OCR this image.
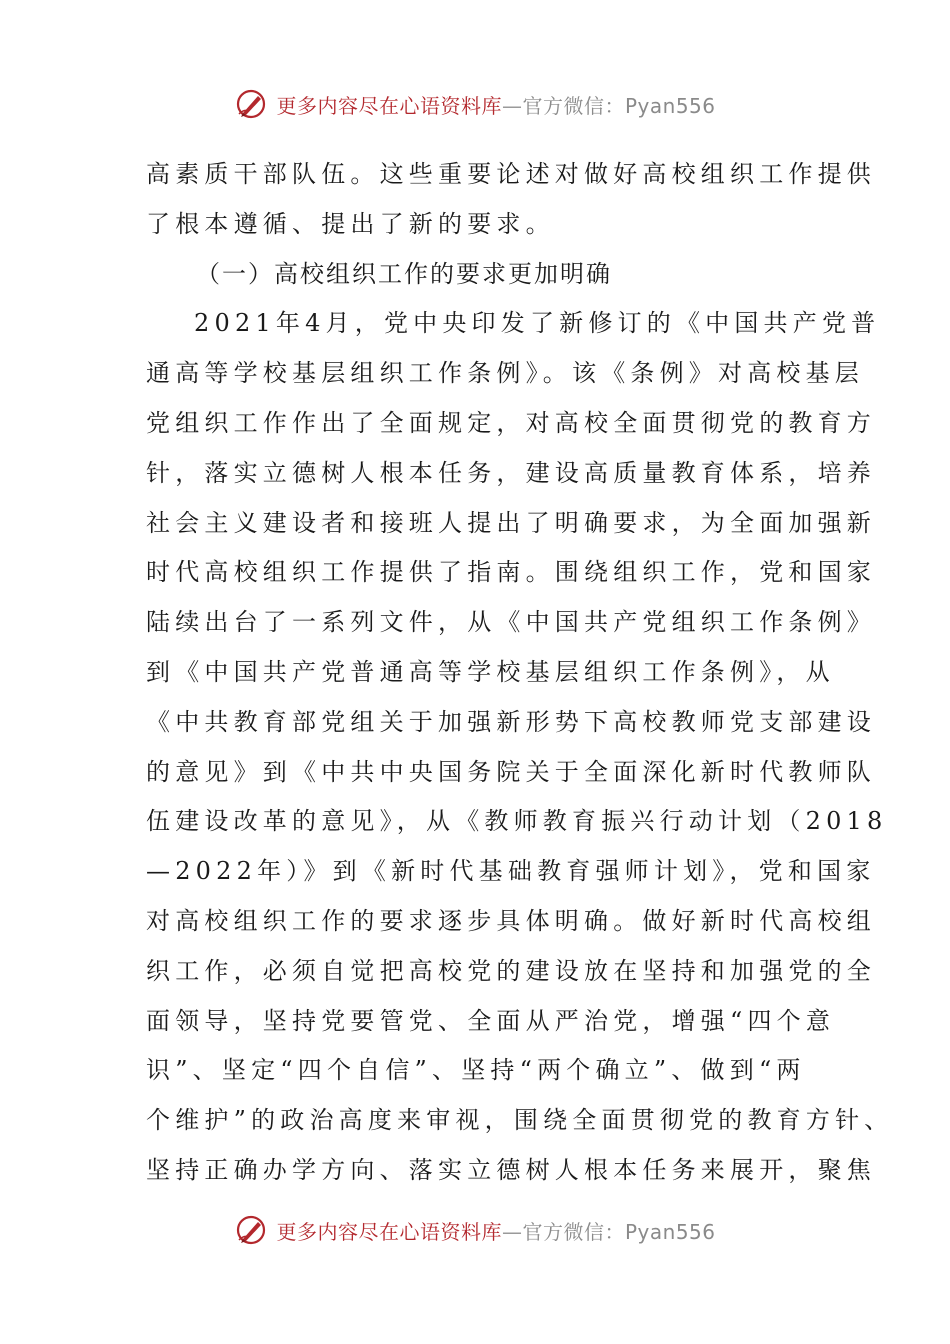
更多内容尽在心语资料库—官方微信：Pyan556
高素质干部队伍。这些重要论述对做好高校组织工作提供
了根本遵循、提出了新的要求。
（一）高校组织工作的要求更加明确
2021年4月，党中央印发了新修订的《中国共产党普
通高等学校基层组织工作条例》。该《条例》对高校基层
党组织工作作出了全面规定，对高校全面贯彻党的教育方
针，落实立德树人根本任务，建设高质量教育体系，培养
社会主义建设者和接班人提出了明确要求，为全面加强新
时代高校组织工作提供了指南。围绕组织工作，党和国家
陆续出台了一系列文件，从《中国共产党组织工作条例》
到《中国共产党普通高等学校基层组织工作条例》，从
《中共教育部党组关于加强新形势下高校教师党支部建设
的意见》到《中共中央国务院关于全面深化新时代教师队
伍建设改革的意见》，从《教师教育振兴行动计划（2018
—2022年）》到《新时代基础教育强师计划》，党和国家
对高校组织工作的要求逐步具体明确。做好新时代高校组
织工作，必须自觉把高校党的建设放在坚持和加强党的全
面领导，坚持党要管党、全面从严治党，增强“四个意
识”、坚定“四个自信”、坚持“两个确立”、做到“两
个维护”的政治高度来审视，围绕全面贯彻党的教育方针、
坚持正确办学方向、落实立德树人根本任务来展开，聚焦
更多内容尽在心语资料库—官方微信：Pyan556
